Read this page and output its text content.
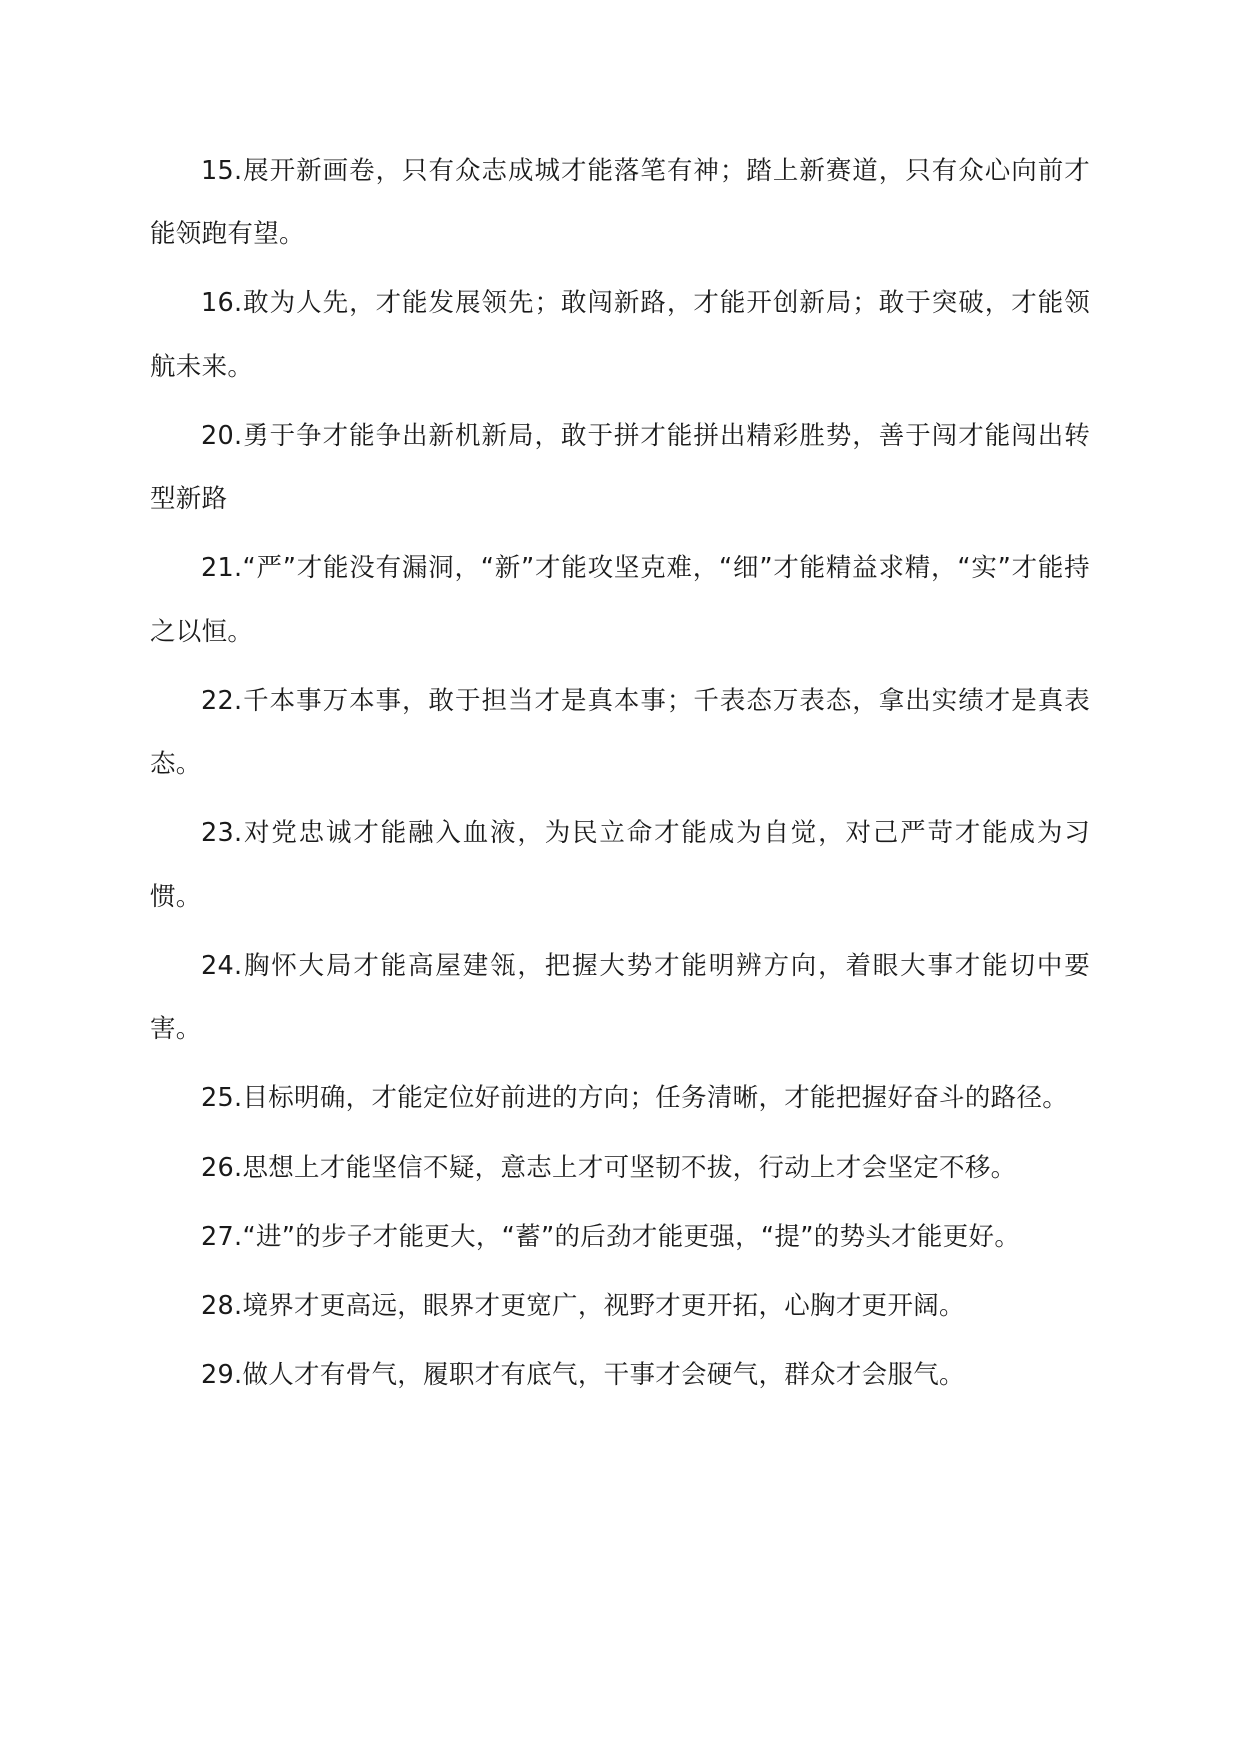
15.展开新画卷，只有众志成城才能落笔有神；踏上新赛道，只有众心向前才能领跑有望。

16.敢为人先，才能发展领先；敢闯新路，才能开创新局；敢于突破，才能领航未来。

20.勇于争才能争出新机新局，敢于拼才能拼出精彩胜势，善于闯才能闯出转型新路

21.“严”才能没有漏洞，“新”才能攻坚克难，“细”才能精益求精，“实”才能持之以恒。

22.千本事万本事，敢于担当才是真本事；千表态万表态，拿出实绩才是真表态。

23.对党忠诚才能融入血液，为民立命才能成为自觉，对己严苛才能成为习惯。

24.胸怀大局才能高屋建瓴，把握大势才能明辨方向，着眼大事才能切中要害。

25.目标明确，才能定位好前进的方向；任务清晰，才能把握好奋斗的路径。

26.思想上才能坚信不疑，意志上才可坚韧不拔，行动上才会坚定不移。

27.“进”的步子才能更大，“蓄”的后劲才能更强，“提”的势头才能更好。

28.境界才更高远，眼界才更宽广，视野才更开拓，心胸才更开阔。

29.做人才有骨气，履职才有底气，干事才会硬气，群众才会服气。
